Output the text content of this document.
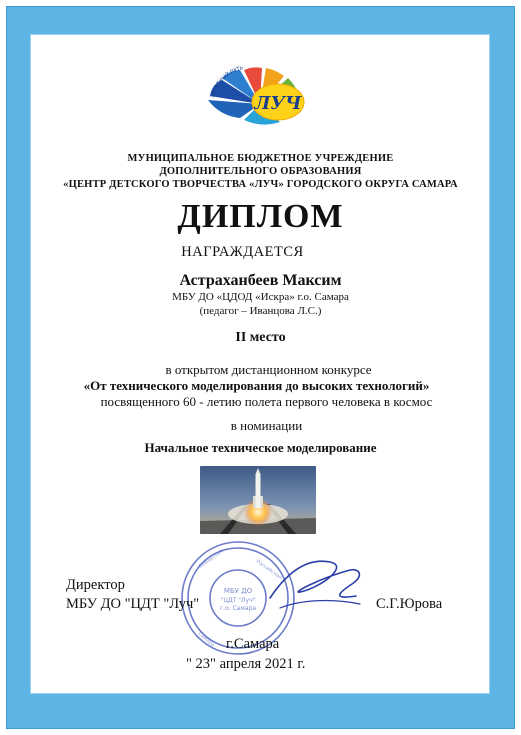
ЛУЧ
ЗВЕЗДНЫЙ ПУТЬ
МУНИЦИПАЛЬНОЕ БЮДЖЕТНОЕ УЧРЕЖДЕНИЕ
ДОПОЛНИТЕЛЬНОГО ОБРАЗОВАНИЯ
«ЦЕНТР ДЕТСКОГО ТВОРЧЕСТВА «ЛУЧ» ГОРОДСКОГО ОКРУГА САМАРА
ДИПЛОМ
НАГРАЖДАЕТСЯ
Астраханбеев Максим
МБУ ДО «ЦДОД «Искра» г.о. Самара
(педагог – Иванцова Л.С.)
II место
в открытом дистанционном конкурсе
«От технического моделирования до высоких технологий»
посвященного 60 - летию полета первого человека в космос
в номинации
Начальное техническое моделирование
Самарская	Российская
Самара
МБУ ДО
"ЦДТ "Луч"
г.о. Самара
Директор
МБУ ДО "ЦДТ "Луч"	С.Г.Юрова
г.Самара
" 23" апреля 2021 г.
